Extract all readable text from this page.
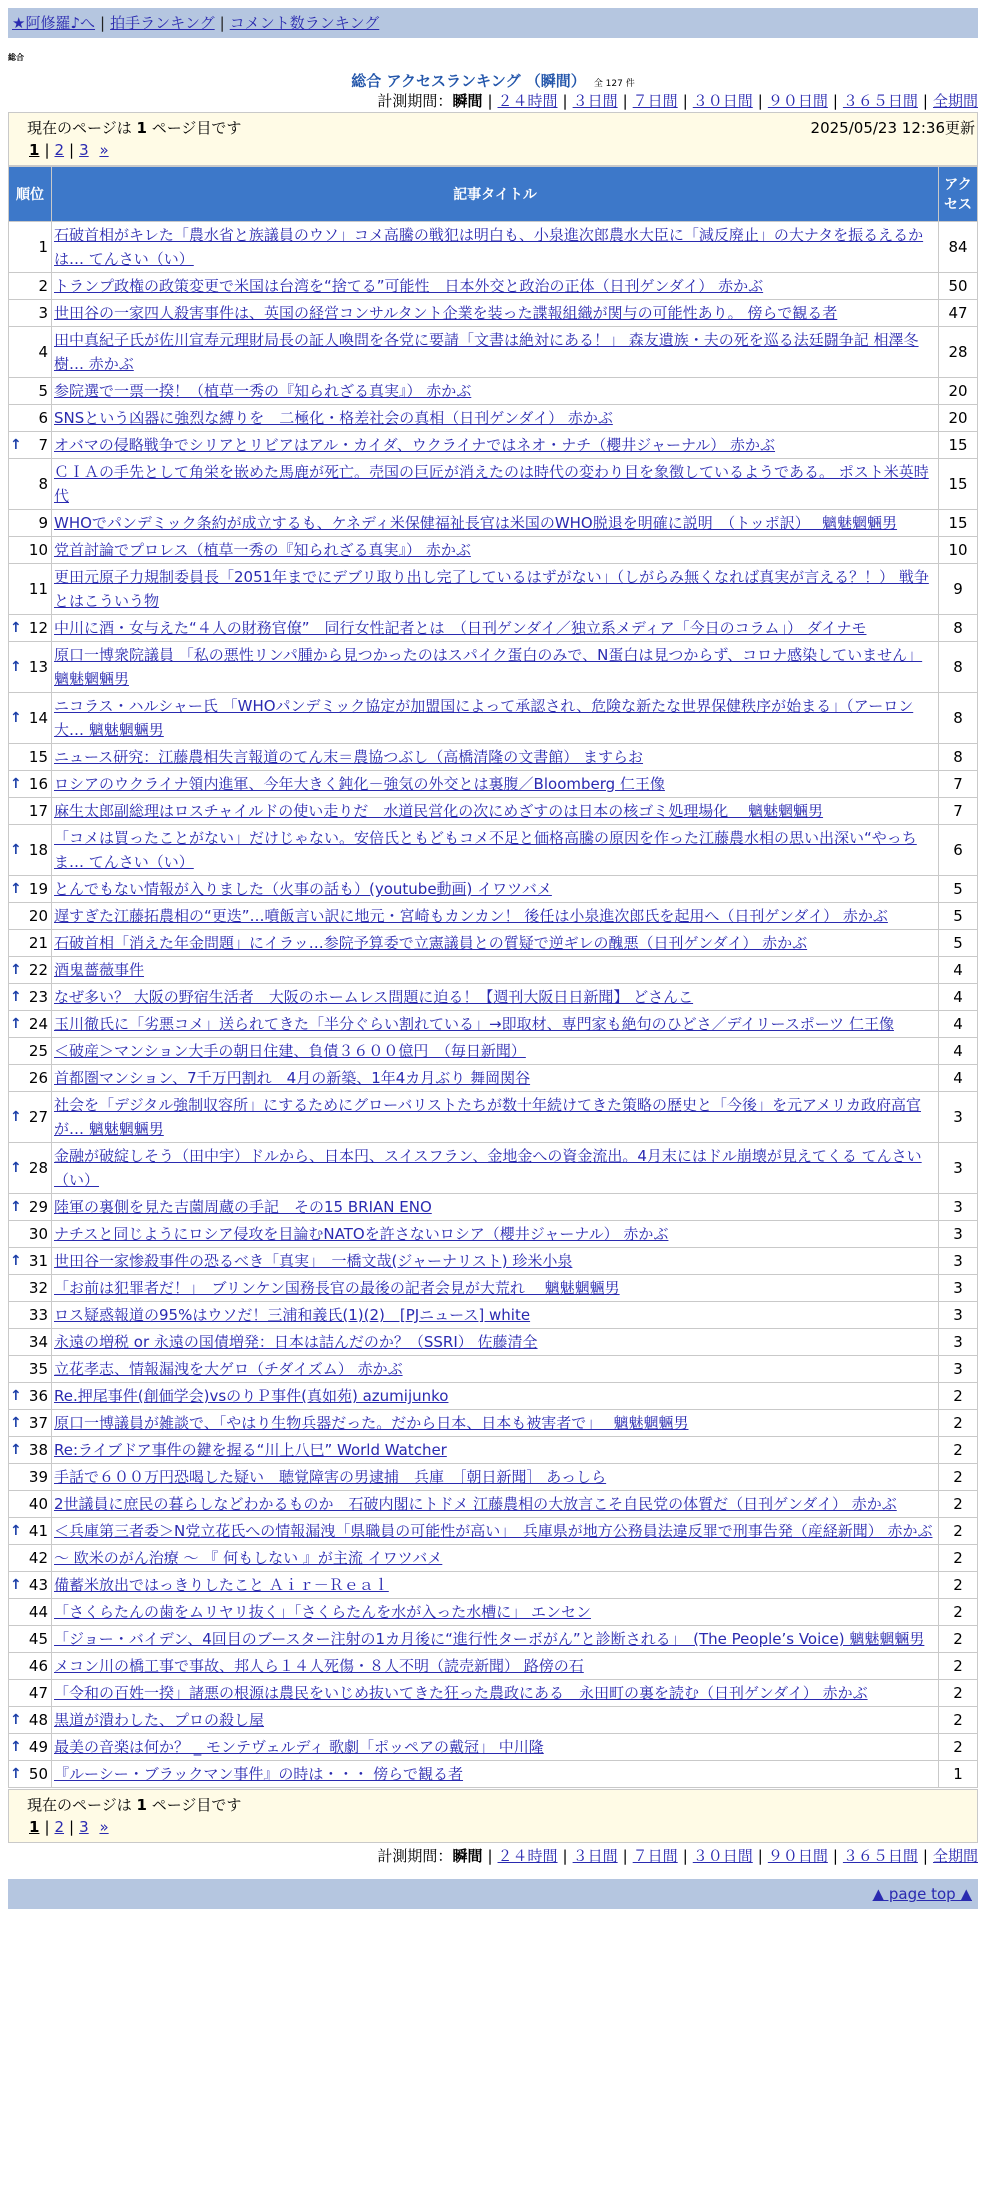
★阿修羅♪へ | 拍手ランキング | コメント数ランキング
総合
総合 アクセスランキング （瞬間） 全 127 件
計測期間：瞬間 | ２４時間 | ３日間 | ７日間 | ３０日間 | ９０日間 | ３６５日間 | 全期間
現在のページは 1 ページ目です	2025/05/23 12:36更新
1 | 2 | 3 »
順位	記事タイトル	アクセス
1	石破首相がキレた「農水省と族議員のウソ」コメ高騰の戦犯は明白も、小泉進次郎農水大臣に「減反廃止」の大ナタを振るえるかは… てんさい（い）	84
2	トランプ政権の政策変更で米国は台湾を“捨てる”可能性　日本外交と政治の正体（日刊ゲンダイ） 赤かぶ	50
3	世田谷の一家四人殺害事件は、英国の経営コンサルタント企業を装った諜報組織が関与の可能性あり。 傍らで観る者	47
4	田中真紀子氏が佐川宣寿元理財局長の証人喚問を各党に要請「文書は絶対にある！」 森友遺族・夫の死を巡る法廷闘争記 相澤冬樹… 赤かぶ	28
5	参院選で一票一揆！（植草一秀の『知られざる真実』） 赤かぶ	20
6	SNSという凶器に強烈な縛りを　二極化・格差社会の真相（日刊ゲンダイ） 赤かぶ	20

↑ 7	オバマの侵略戦争でシリアとリビアはアル・カイダ、ウクライナではネオ・ナチ（櫻井ジャーナル） 赤かぶ	15
8	ＣＩＡの手先として角栄を嵌めた馬鹿が死亡。売国の巨匠が消えたのは時代の変わり目を象徴しているようである。 ポスト米英時代	15
9	WHOでパンデミック条約が成立するも、ケネディ米保健福祉長官は米国のWHO脱退を明確に説明　（トッポ訳）　 魑魅魍魎男	15
10	党首討論でプロレス（植草一秀の『知られざる真実』） 赤かぶ	10
11	更田元原子力規制委員長「2051年までにデブリ取り出し完了しているはずがない」（しがらみ無くなれば真実が言える？！） 戦争とはこういう物	9

↑ 12	中川に酒・女与えた“４人の財務官僚”　同行女性記者とは　（日刊ゲンダイ／独立系メディア「今日のコラム」） ダイナモ	8

↑ 13	原口一博衆院議員 「私の悪性リンパ腫から見つかったのはスパイク蛋白のみで、N蛋白は見つからず、コロナ感染していません」 魑魅魍魎男	8

↑ 14	ニコラス・ハルシャー氏 「WHOパンデミック協定が加盟国によって承認され、危険な新たな世界保健秩序が始まる」（アーロン大… 魑魅魍魎男	8
15	ニュース研究：江藤農相失言報道のてん末＝農協つぶし（高橋清隆の文書館） ますらお	8

↑ 16	ロシアのウクライナ領内進軍、今年大きく鈍化－強気の外交とは裏腹／Bloomberg 仁王像	7
17	麻生太郎副総理はロスチャイルドの使い走りだ　水道民営化の次にめざすのは日本の核ゴミ処理場化　 魑魅魍魎男	7

↑ 18	「コメは買ったことがない」だけじゃない。安倍氏ともどもコメ不足と価格高騰の原因を作った江藤農水相の思い出深い“やっちま… てんさい（い）	6

↑ 19	とんでもない情報が入りました（火事の話も）(youtube動画) イワツバメ	5
20	遅すぎた江藤拓農相の“更迭”…噴飯言い訳に地元・宮崎もカンカン！ 後任は小泉進次郎氏を起用へ（日刊ゲンダイ） 赤かぶ	5
21	石破首相「消えた年金問題」にイラッ…参院予算委で立憲議員との質疑で逆ギレの醜悪（日刊ゲンダイ） 赤かぶ	5

↑ 22	酒鬼薔薇事件	4

↑ 23	なぜ多い？ 大阪の野宿生活者　大阪のホームレス問題に迫る！【週刊大阪日日新聞】 どさんこ	4

↑ 24	玉川徹氏に「劣悪コメ」送られてきた「半分ぐらい割れている」→即取材、専門家も絶句のひどさ／デイリースポーツ 仁王像	4
25	＜破産＞マンション大手の朝日住建、負債３６００億円　（毎日新聞）	4
26	首都圏マンション、7千万円割れ　4月の新築、1年4カ月ぶり 舞岡関谷	4

↑ 27	社会を「デジタル強制収容所」にするためにグローバリストたちが数十年続けてきた策略の歴史と「今後」を元アメリカ政府高官が… 魑魅魍魎男	3

↑ 28	金融が破綻しそう（田中宇）ドルから、日本円、スイスフラン、金地金への資金流出。4月末にはドル崩壊が見えてくる てんさい（い）	3

↑ 29	陸軍の裏側を見た吉薗周蔵の手記　その15 BRIAN ENO	3
30	ナチスと同じようにロシア侵攻を目論むNATOを許さないロシア（櫻井ジャーナル） 赤かぶ	3

↑ 31	世田谷一家惨殺事件の恐るべき「真実」　一橋文哉(ジャーナリスト) 珍米小泉	3
32	「お前は犯罪者だ！」　ブリンケン国務長官の最後の記者会見が大荒れ　 魑魅魍魎男	3
33	ロス疑惑報道の95%はウソだ！三浦和義氏(1)(2)　[PJニュース] white	3
34	永遠の増税 or 永遠の国債増発：日本は詰んだのか？（SSRI） 佐藤清全	3
35	立花孝志、情報漏洩を大ゲロ（チダイズム） 赤かぶ	3

↑ 36	Re.押尾事件(創価学会)vsのりＰ事件(真如苑) azumijunko	2

↑ 37	原口一博議員が雑談で、「やはり生物兵器だった。だから日本、日本も被害者で」　 魑魅魍魎男	2

↑ 38	Re:ライブドア事件の鍵を握る“川上八巳” World Watcher	2
39	手話で６００万円恐喝した疑い　聴覚障害の男逮捕　兵庫　［朝日新聞］ あっしら	2
40	2世議員に庶民の暮らしなどわかるものか　石破内閣にトドメ 江藤農相の大放言こそ自民党の体質だ（日刊ゲンダイ） 赤かぶ	2

↑ 41	＜兵庫第三者委＞N党立花氏への情報漏洩「県職員の可能性が高い」　兵庫県が地方公務員法違反罪で刑事告発（産経新聞） 赤かぶ	2
42	～ 欧米のがん治療 ～ 『 何もしない 』が主流 イワツバメ	2

↑ 43	備蓄米放出ではっきりしたこと Ａｉｒ－Ｒｅａｌ	2
44	「さくらたんの歯をムリヤリ抜く」「さくらたんを水が入った水槽に」 エンセン	2
45	「ジョー・バイデン、4回目のブースター注射の1カ月後に“進行性ターボがん”と診断される」　(The People’s Voice) 魑魅魍魎男	2
46	メコン川の橋工事で事故、邦人ら１４人死傷・８人不明（読売新聞） 路傍の石	2
47	「令和の百姓一揆」諸悪の根源は農民をいじめ抜いてきた狂った農政にある　永田町の裏を読む（日刊ゲンダイ） 赤かぶ	2

↑ 48	黒道が潰わした、プロの殺し屋	2

↑ 49	最美の音楽は何か？ _ モンテヴェルディ 歌劇「ポッペアの戴冠」 中川隆	2

↑ 50	『ルーシー・ブラックマン事件』の時は・・・ 傍らで観る者	1
現在のページは 1 ページ目です
1 | 2 | 3 »
計測期間：瞬間 | ２４時間 | ３日間 | ７日間 | ３０日間 | ９０日間 | ３６５日間 | 全期間
▲ page top ▲
